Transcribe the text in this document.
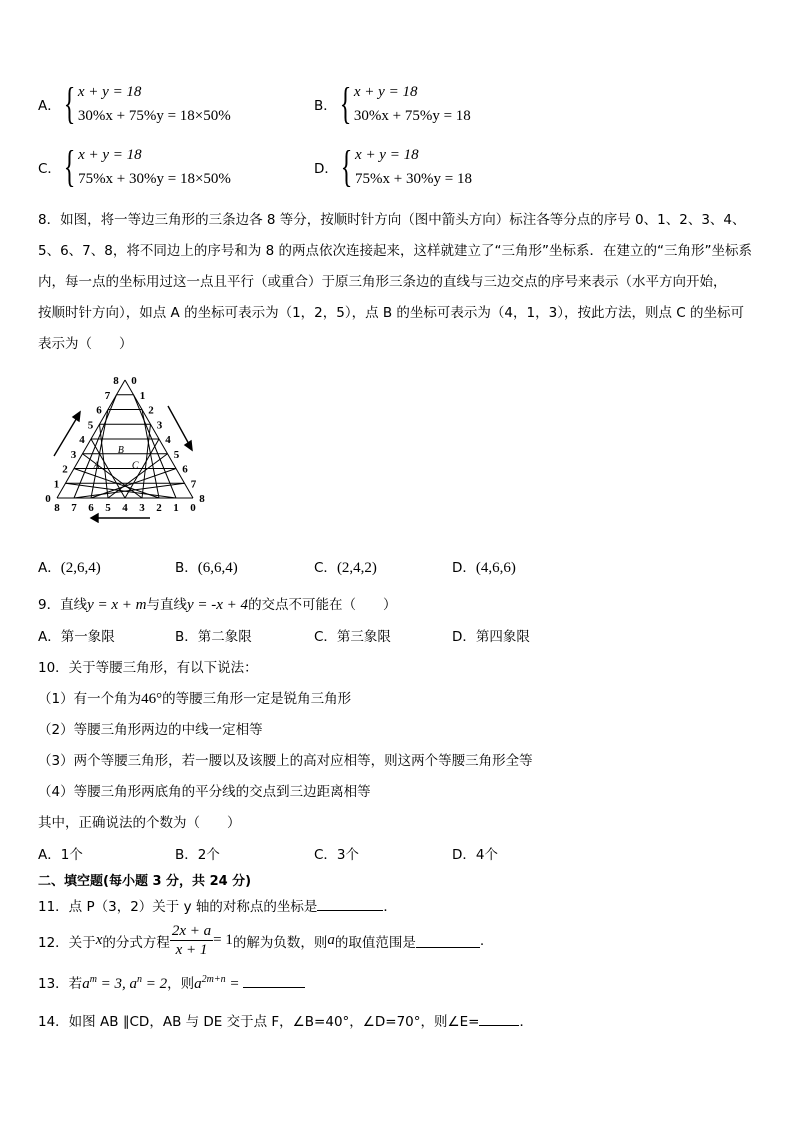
A． { x + y = 18
30%x + 75%y = 18×50%
B． { x + y = 18
30%x + 75%y = 18
C． { x + y = 18
75%x + 30%y = 18×50%
D． { x + y = 18
75%x + 30%y = 18
8．如图，将一等边三角形的三条边各 8 等分，按顺时针方向（图中箭头方向）标注各等分点的序号 0、1、2、3、4、
5、6、7、8，将不同边上的序号和为 8 的两点依次连接起来，这样就建立了“三角形”坐标系．在建立的“三角形”坐标系
内，每一点的坐标用过这一点且平行（或重合）于原三角形三条边的直线与三边交点的序号来表示（水平方向开始，
按顺时针方向），如点 A 的坐标可表示为（1，2，5），点 B 的坐标可表示为（4，1，3），按此方法，则点 C 的坐标可
表示为（　　）
0
1
2
3
4
5
6
7
8 0
1
2
3
4
5
6
7
8
8 7 6 5 4 3 2 1 0
A
B
C
A．(2,6,4)	B．(6,6,4)	C．(2,4,2)	D．(4,6,6)
9．直线y = x + m与直线y = -x + 4的交点不可能在（　　）
A．第一象限	B．第二象限	C．第三象限	D．第四象限
10．关于等腰三角形，有以下说法：
（1）有一个角为46°的等腰三角形一定是锐角三角形
（2）等腰三角形两边的中线一定相等
（3）两个等腰三角形，若一腰以及该腰上的高对应相等，则这两个等腰三角形全等
（4）等腰三角形两底角的平分线的交点到三边距离相等
其中，正确说法的个数为（　　）
A．1个	B．2个	C．3个	D．4个
二、填空题(每小题 3 分，共 24 分)
11．点 P（3，2）关于 y 轴的对称点的坐标是	．
12．关于 x 的分式方程 $\frac{2x + a}{x + 1} = 1$ 的解为负数，则 a 的取值范围是	.
13．若$a^m = 3$, $a^n = 2$，则$a^{2m+n}$ =
14．如图 AB ∥CD，AB 与 DE 交于点 F，∠B=40°，∠D=70°，则∠E=	．
